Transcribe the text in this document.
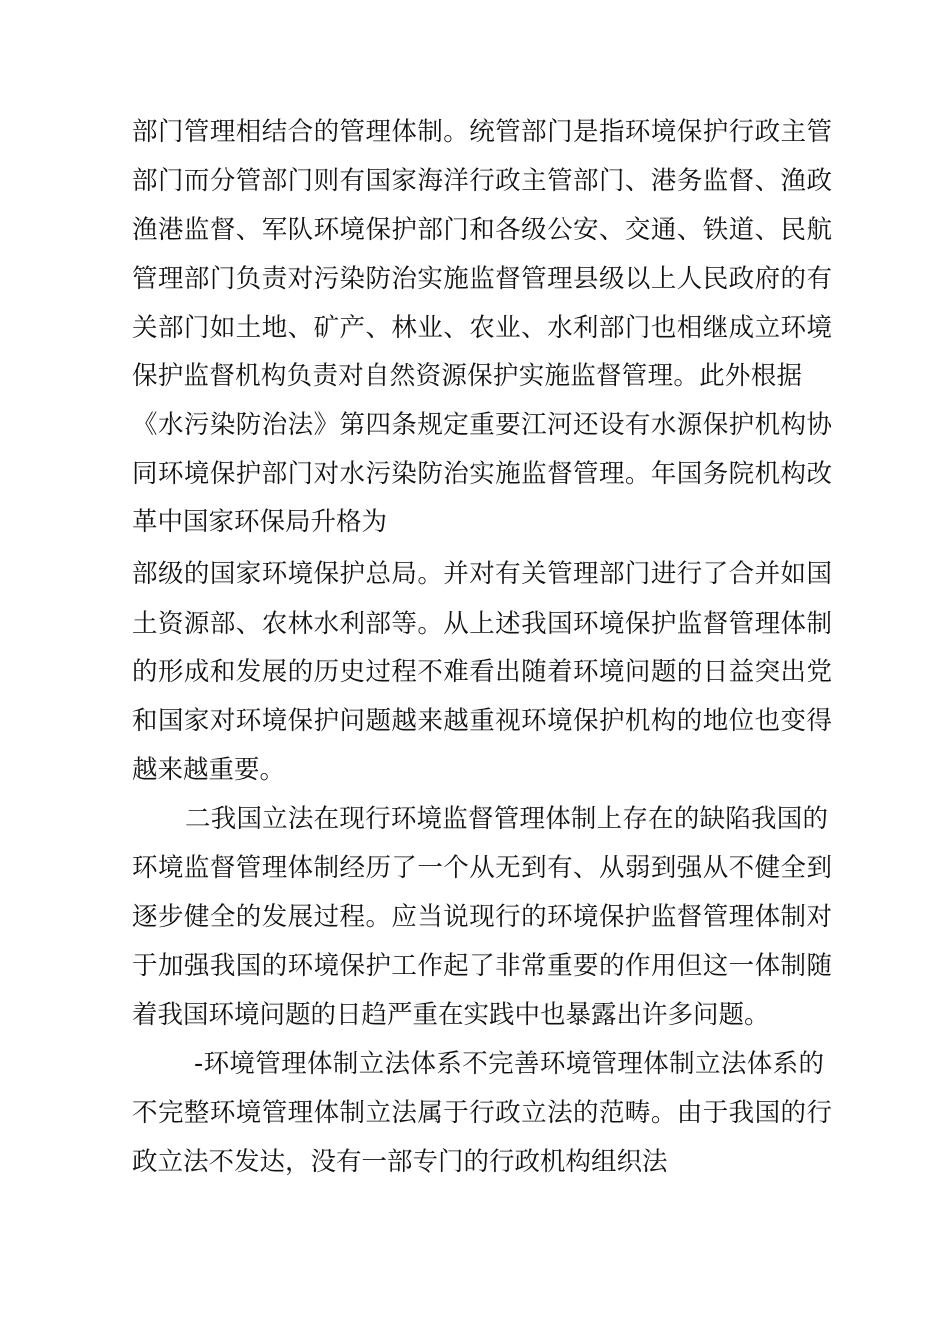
部门管理相结合的管理体制。统管部门是指环境保护行政主管
部门而分管部门则有国家海洋行政主管部门、港务监督、渔政
渔港监督、军队环境保护部门和各级公安、交通、铁道、民航
管理部门负责对污染防治实施监督管理县级以上人民政府的有
关部门如土地、矿产、林业、农业、水利部门也相继成立环境
保护监督机构负责对自然资源保护实施监督管理。此外根据
《水污染防治法》第四条规定重要江河还设有水源保护机构协
同环境保护部门对水污染防治实施监督管理。年国务院机构改
革中国家环保局升格为
部级的国家环境保护总局。并对有关管理部门进行了合并如国
土资源部、农林水利部等。从上述我国环境保护监督管理体制
的形成和发展的历史过程不难看出随着环境问题的日益突出党
和国家对环境保护问题越来越重视环境保护机构的地位也变得
越来越重要。
二我国立法在现行环境监督管理体制上存在的缺陷我国的
环境监督管理体制经历了一个从无到有、从弱到强从不健全到
逐步健全的发展过程。应当说现行的环境保护监督管理体制对
于加强我国的环境保护工作起了非常重要的作用但这一体制随
着我国环境问题的日趋严重在实践中也暴露出许多问题。
-环境管理体制立法体系不完善环境管理体制立法体系的
不完整环境管理体制立法属于行政立法的范畴。由于我国的行
政立法不发达，没有一部专门的行政机构组织法
